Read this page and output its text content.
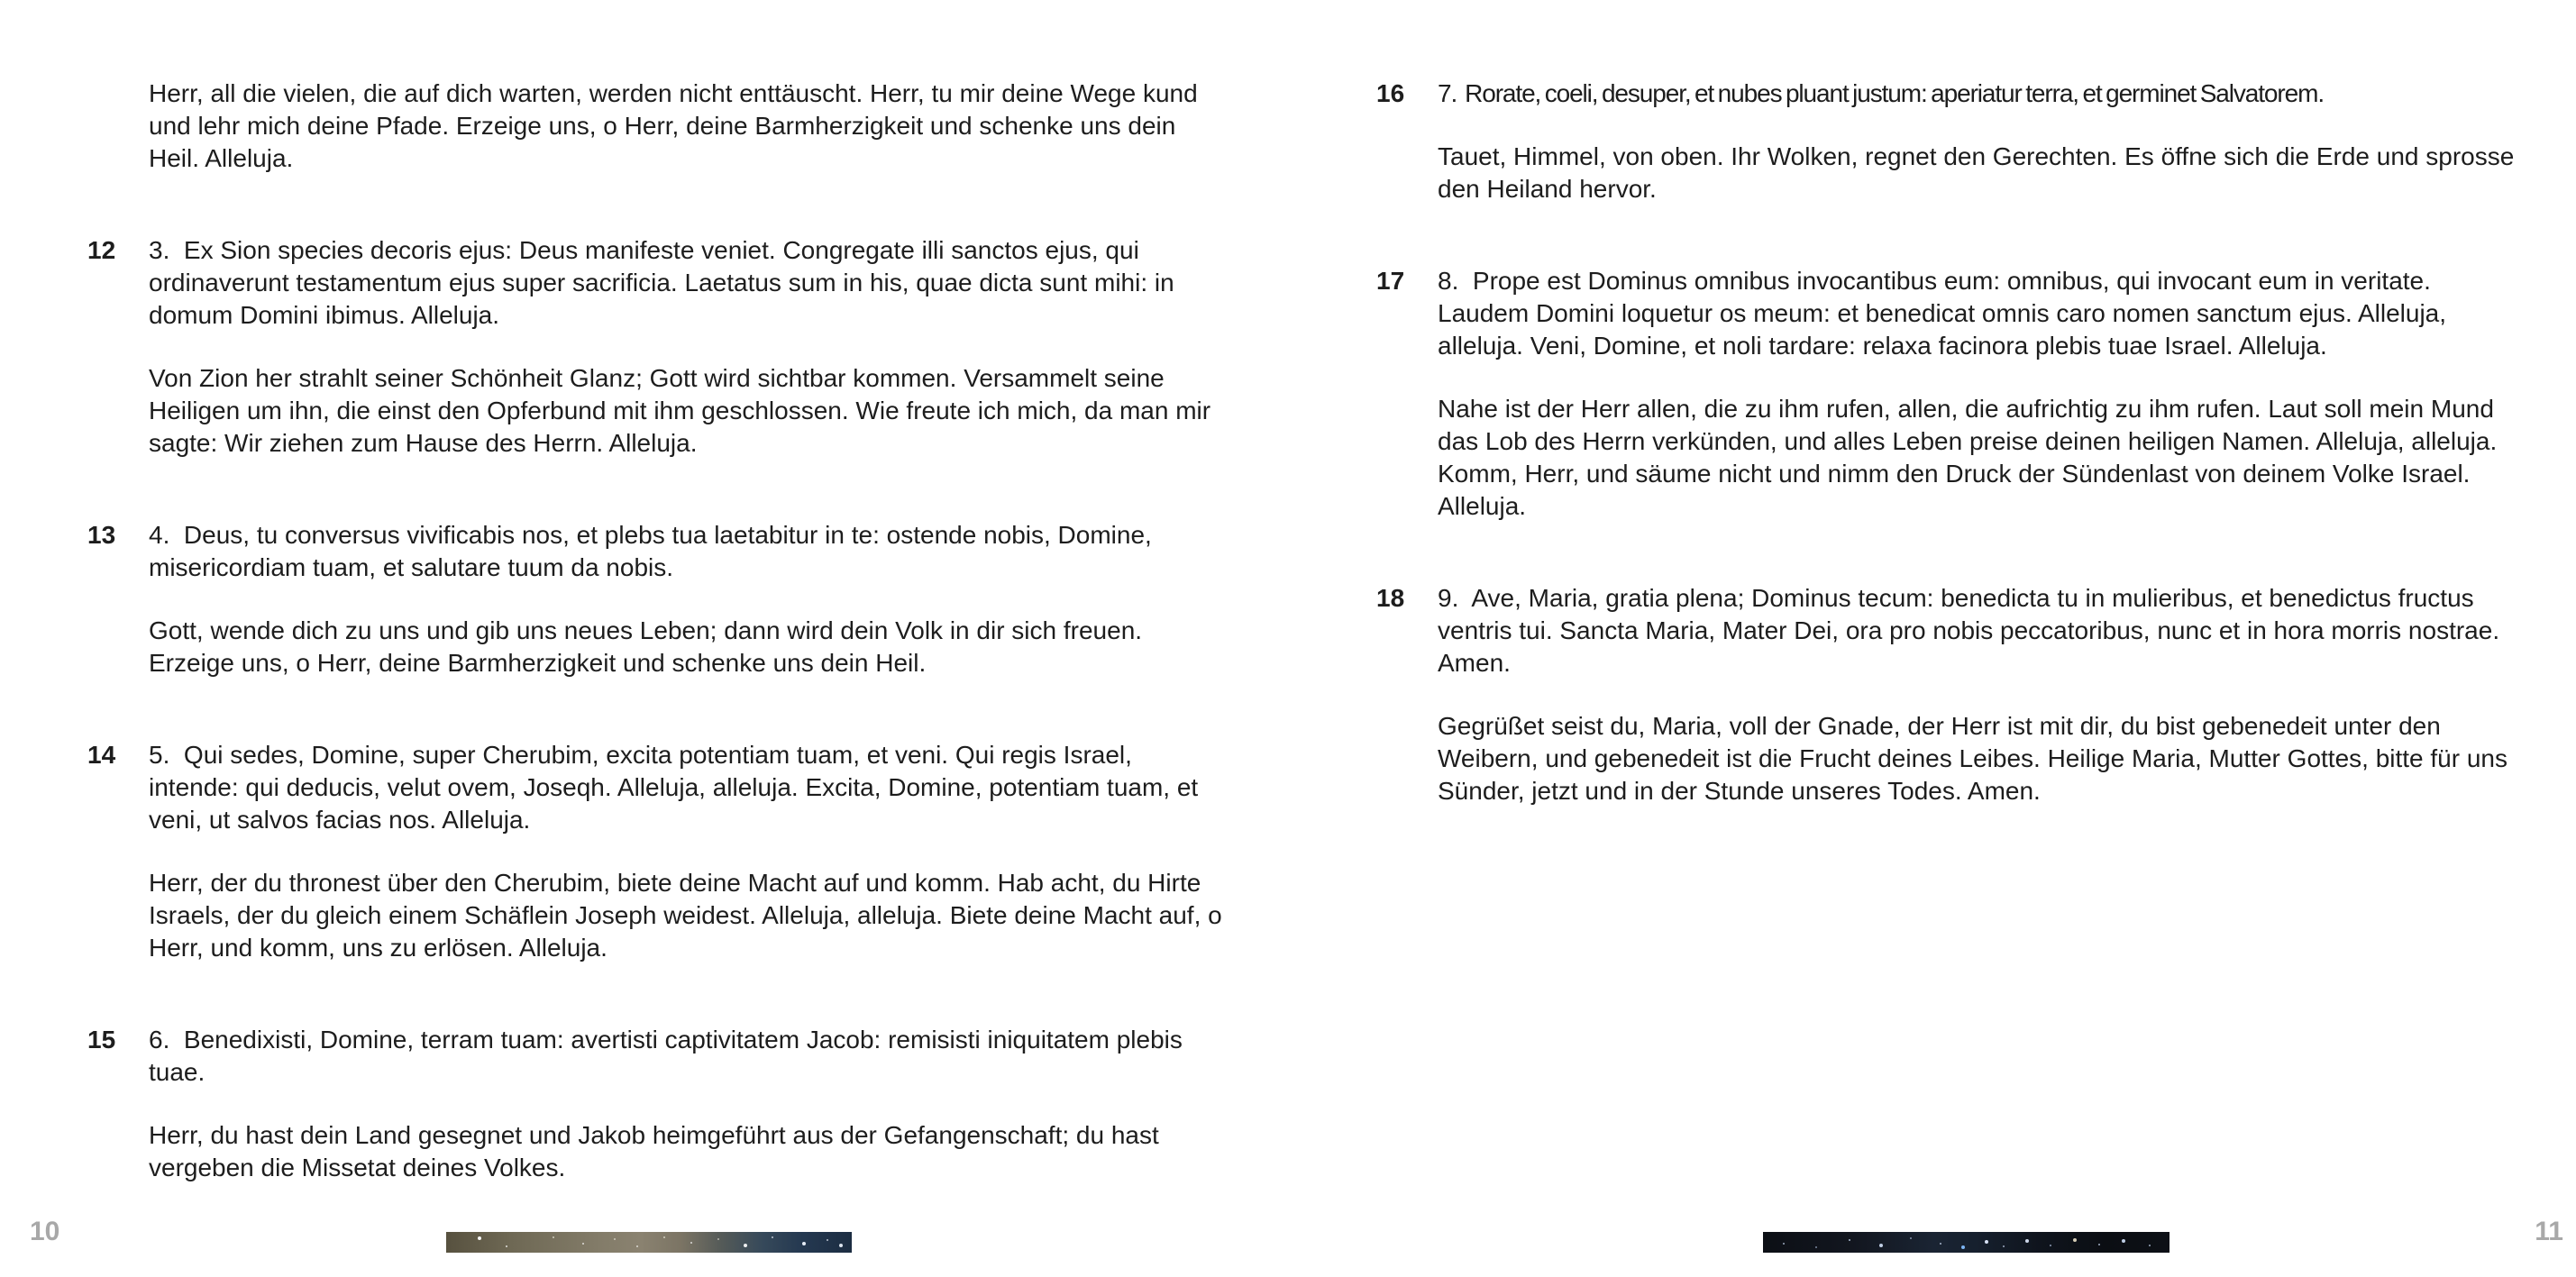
Herr, all die vielen, die auf dich warten, werden nicht enttäuscht. Herr, tu mir deine Wege kund und lehr mich deine Pfade. Erzeige uns, o Herr, deine Barmherzigkeit und schenke uns dein Heil. Alleluja.

12	3.  Ex Sion species decoris ejus: Deus manifeste veniet. Congregate illi sanctos ejus, qui ordinaverunt testamentum ejus super sacrificia. Laetatus sum in his, quae dicta sunt mihi: in domum Domini ibimus. Alleluja.

Von Zion her strahlt seiner Schönheit Glanz; Gott wird sichtbar kommen. Versammelt seine Heiligen um ihn, die einst den Opferbund mit ihm geschlossen. Wie freute ich mich, da man mir sagte: Wir ziehen zum Hause des Herrn. Alleluja.

13	4.  Deus, tu conversus vivificabis nos, et plebs tua laetabitur in te: ostende nobis, Domine, misericordiam tuam, et salutare tuum da nobis.

Gott, wende dich zu uns und gib uns neues Leben; dann wird dein Volk in dir sich freuen. Erzeige uns, o Herr, deine Barmherzigkeit und schenke uns dein Heil.

14	5.  Qui sedes, Domine, super Cherubim, excita potentiam tuam, et veni. Qui regis Israel, intende: qui deducis, velut ovem, Joseqh. Alleluja, alleluja. Excita, Domine, potentiam tuam, et veni, ut salvos facias nos. Alleluja.

Herr, der du thronest über den Cherubim, biete deine Macht auf und komm. Hab acht, du Hirte Israels, der du gleich einem Schäflein Joseph weidest. Alleluja, alleluja. Biete deine Macht auf, o Herr, und komm, uns zu erlösen. Alleluja.

15	6.  Benedixisti, Domine, terram tuam: avertisti captivitatem Jacob: remisisti iniquitatem plebis tuae.

Herr, du hast dein Land gesegnet und Jakob heimgeführt aus der Gefangenschaft; du hast vergeben die Missetat deines Volkes.

10
16	7.  Rorate, coeli, desuper, et nubes pluant justum: aperiatur terra, et germinet Salvatorem.

Tauet, Himmel, von oben. Ihr Wolken, regnet den Gerechten. Es öffne sich die Erde und sprosse den Heiland hervor.

17	8.  Prope est Dominus omnibus invocantibus eum: omnibus, qui invocant eum in veritate. Laudem Domini loquetur os meum: et benedicat omnis caro nomen sanctum ejus. Alleluja, alleluja. Veni, Domine, et noli tardare: relaxa facinora plebis tuae Israel. Alleluja.

Nahe ist der Herr allen, die zu ihm rufen, allen, die aufrichtig zu ihm rufen. Laut soll mein Mund das Lob des Herrn verkünden, und alles Leben preise deinen heiligen Namen. Alleluja, alleluja. Komm, Herr, und säume nicht und nimm den Druck der Sündenlast von deinem Volke Israel. Alleluja.

18	9.  Ave, Maria, gratia plena; Dominus tecum: benedicta tu in mulieribus, et benedictus fructus ventris tui. Sancta Maria, Mater Dei, ora pro nobis peccatoribus, nunc et in hora morris nostrae. Amen.

Gegrüßet seist du, Maria, voll der Gnade, der Herr ist mit dir, du bist gebenedeit unter den Weibern, und gebenedeit ist die Frucht deines Leibes. Heilige Maria, Mutter Gottes, bitte für uns Sünder, jetzt und in der Stunde unseres Todes. Amen.

11
